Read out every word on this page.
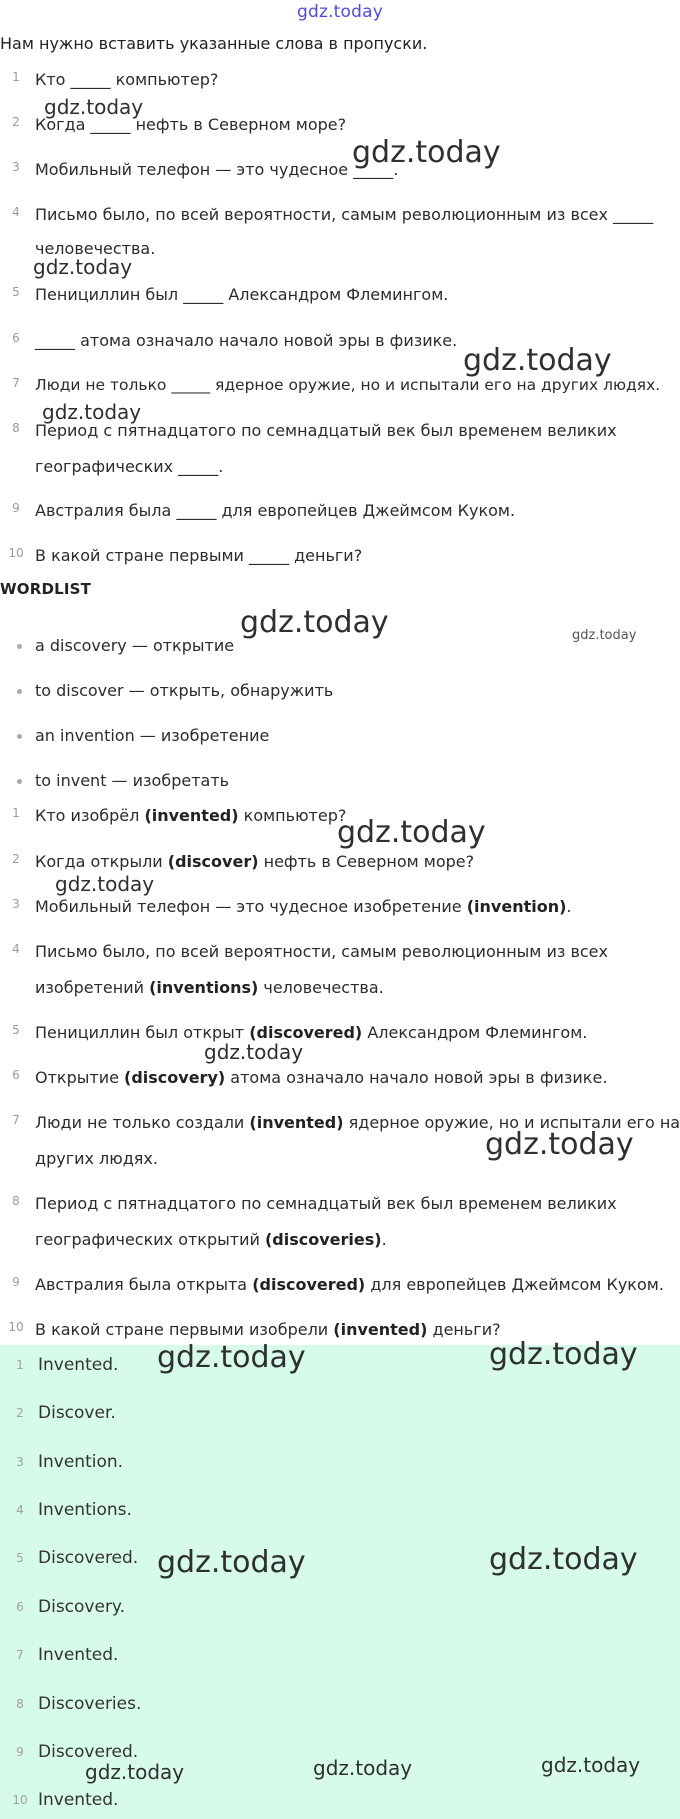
gdz.today
Нам нужно вставить указанные слова в пропуски.
1 Кто _____ компьютер?
2 Когда _____ нефть в Северном море?
3 Мобильный телефон — это чудесное _____.
4 Письмо было, по всей вероятности, самым революционным из всех _____
человечества.
5 Пенициллин был _____ Александром Флемингом.
6 _____ атома означало начало новой эры в физике.
7 Люди не только _____ ядерное оружие, но и испытали его на других людях.
8 Период с пятнадцатого по семнадцатый век был временем великих
географических _____.
9 Австралия была _____ для европейцев Джеймсом Куком.
10 В какой стране первыми _____ деньги?
WORDLIST
a discovery — открытие
to discover — открыть, обнаружить
an invention — изобретение
to invent — изобретать
1 Кто изобрёл (invented) компьютер?
2 Когда открыли (discover) нефть в Северном море?
3 Мобильный телефон — это чудесное изобретение (invention).
4 Письмо было, по всей вероятности, самым революционным из всех
изобретений (inventions) человечества.
5 Пенициллин был открыт (discovered) Александром Флемингом.
6 Открытие (discovery) атома означало начало новой эры в физике.
7 Люди не только создали (invented) ядерное оружие, но и испытали его на
других людях.
8 Период с пятнадцатого по семнадцатый век был временем великих
географических открытий (discoveries).
9 Австралия была открыта (discovered) для европейцев Джеймсом Куком.
10 В какой стране первыми изобрели (invented) деньги?
1 Invented.
2 Discover.
3 Invention.
4 Inventions.
5 Discovered.
6 Discovery.
7 Invented.
8 Discoveries.
9 Discovered.
10 Invented.
gdz.today
gdz.today
gdz.today
gdz.today
gdz.today
gdz.today	gdz.today
gdz.today
gdz.today
gdz.today
gdz.today
gdz.today	gdz.today
gdz.today	gdz.today
gdz.today	gdz.today	gdz.today
